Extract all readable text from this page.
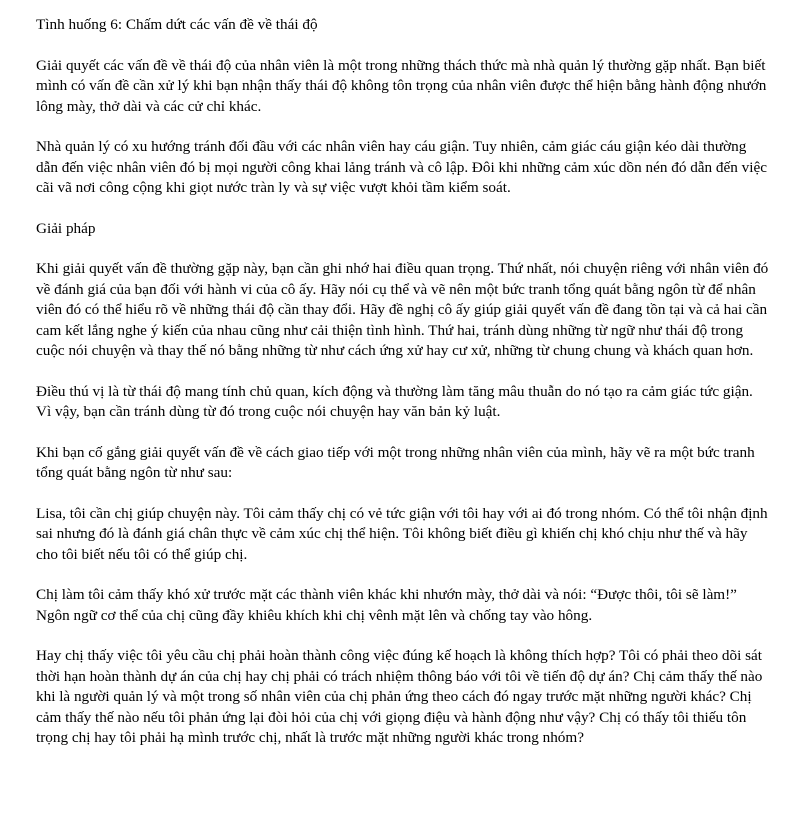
Tình huống 6: Chấm dứt các vấn đề về thái độ

Giải quyết các vấn đề về thái độ của nhân viên là một trong những thách thức mà nhà quản lý thường gặp nhất. Bạn biết mình có vấn đề cần xử lý khi bạn nhận thấy thái độ không tôn trọng của nhân viên được thể hiện bằng hành động nhướn lông mày, thở dài và các cử chỉ khác.

Nhà quản lý có xu hướng tránh đối đầu với các nhân viên hay cáu giận. Tuy nhiên, cảm giác cáu giận kéo dài thường dẫn đến việc nhân viên đó bị mọi người công khai lảng tránh và cô lập. Đôi khi những cảm xúc dồn nén đó dẫn đến việc cãi vã nơi công cộng khi giọt nước tràn ly và sự việc vượt khỏi tầm kiểm soát.

Giải pháp

Khi giải quyết vấn đề thường gặp này, bạn cần ghi nhớ hai điều quan trọng. Thứ nhất, nói chuyện riêng với nhân viên đó về đánh giá của bạn đối với hành vi của cô ấy. Hãy nói cụ thể và vẽ nên một bức tranh tổng quát bằng ngôn từ để nhân viên đó có thể hiểu rõ về những thái độ cần thay đổi. Hãy đề nghị cô ấy giúp giải quyết vấn đề đang tồn tại và cả hai cần cam kết lắng nghe ý kiến của nhau cũng như cải thiện tình hình. Thứ hai, tránh dùng những từ ngữ như thái độ trong cuộc nói chuyện và thay thế nó bằng những từ như cách ứng xử hay cư xử, những từ chung chung và khách quan hơn.

Điều thú vị là từ thái độ mang tính chủ quan, kích động và thường làm tăng mâu thuẫn do nó tạo ra cảm giác tức giận. Vì vậy, bạn cần tránh dùng từ đó trong cuộc nói chuyện hay văn bản kỷ luật.

Khi bạn cố gắng giải quyết vấn đề về cách giao tiếp với một trong những nhân viên của mình, hãy vẽ ra một bức tranh tổng quát bằng ngôn từ như sau:

Lisa, tôi cần chị giúp chuyện này. Tôi cảm thấy chị có vẻ tức giận với tôi hay với ai đó trong nhóm. Có thể tôi nhận định sai nhưng đó là đánh giá chân thực về cảm xúc chị thể hiện. Tôi không biết điều gì khiến chị khó chịu như thế và hãy cho tôi biết nếu tôi có thể giúp chị.

Chị làm tôi cảm thấy khó xử trước mặt các thành viên khác khi nhướn mày, thở dài và nói: “Được thôi, tôi sẽ làm!” Ngôn ngữ cơ thể của chị cũng đầy khiêu khích khi chị vênh mặt lên và chống tay vào hông.

Hay chị thấy việc tôi yêu cầu chị phải hoàn thành công việc đúng kế hoạch là không thích hợp? Tôi có phải theo dõi sát thời hạn hoàn thành dự án của chị hay chị phải có trách nhiệm thông báo với tôi về tiến độ dự án? Chị cảm thấy thế nào khi là người quản lý và một trong số nhân viên của chị phản ứng theo cách đó ngay trước mặt những người khác? Chị cảm thấy thế nào nếu tôi phản ứng lại đòi hỏi của chị với giọng điệu và hành động như vậy? Chị có thấy tôi thiếu tôn trọng chị hay tôi phải hạ mình trước chị, nhất là trước mặt những người khác trong nhóm?
